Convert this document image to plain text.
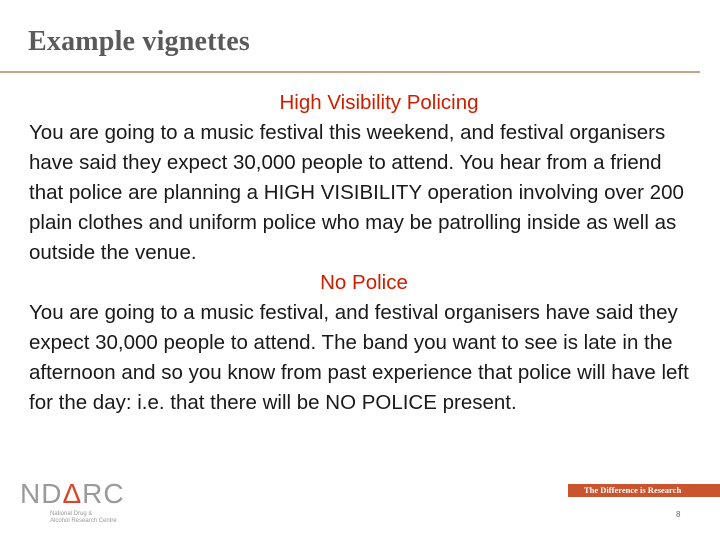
Example vignettes

High Visibility Policing

You are going to a music festival this weekend, and festival organisers have said they expect 30,000 people to attend. You hear from a friend that police are planning a HIGH VISIBILITY operation involving over 200 plain clothes and uniform police who may be patrolling inside as well as outside the venue.

No Police

You are going to a music festival, and festival organisers have said they expect 30,000 people to attend. The band you want to see is late in the afternoon and so you know from past experience that police will have left for the day: i.e. that there will be NO POLICE present.

NDΔRC
National Drug &
Alcohol Research Centre
The Difference is Research
8
